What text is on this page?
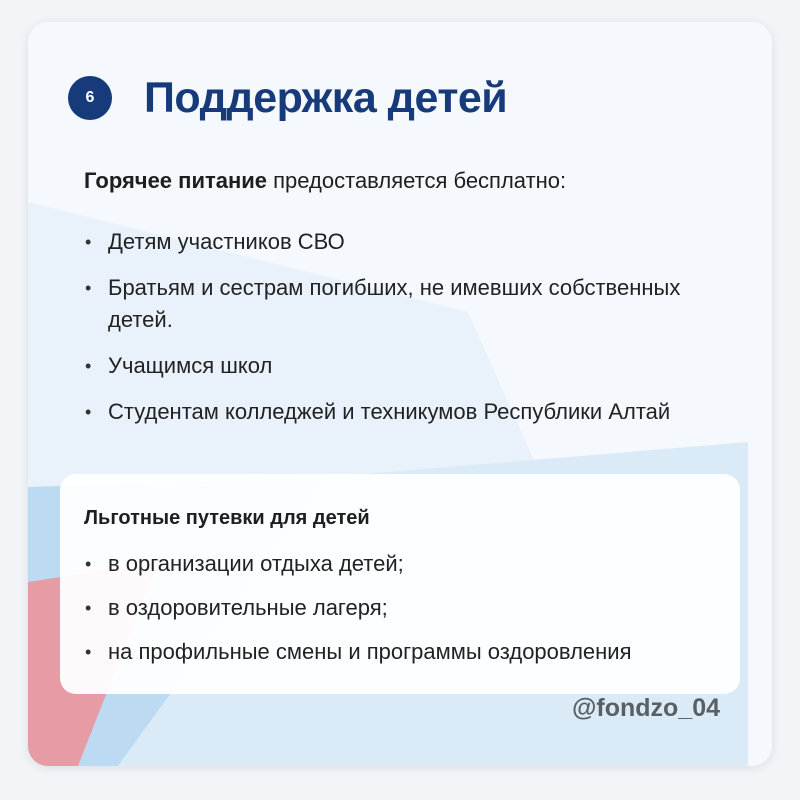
6	Поддержка детей
Горячее питание предоставляется бесплатно:
• Детям участников СВО
• Братьям и сестрам погибших, не имевших собственных детей.
• Учащимся школ
• Студентам колледжей и техникумов Республики Алтай
Льготные путевки для детей
• в организации отдыха детей;
• в оздоровительные лагеря;
• на профильные смены и программы оздоровления
@fondzo_04
